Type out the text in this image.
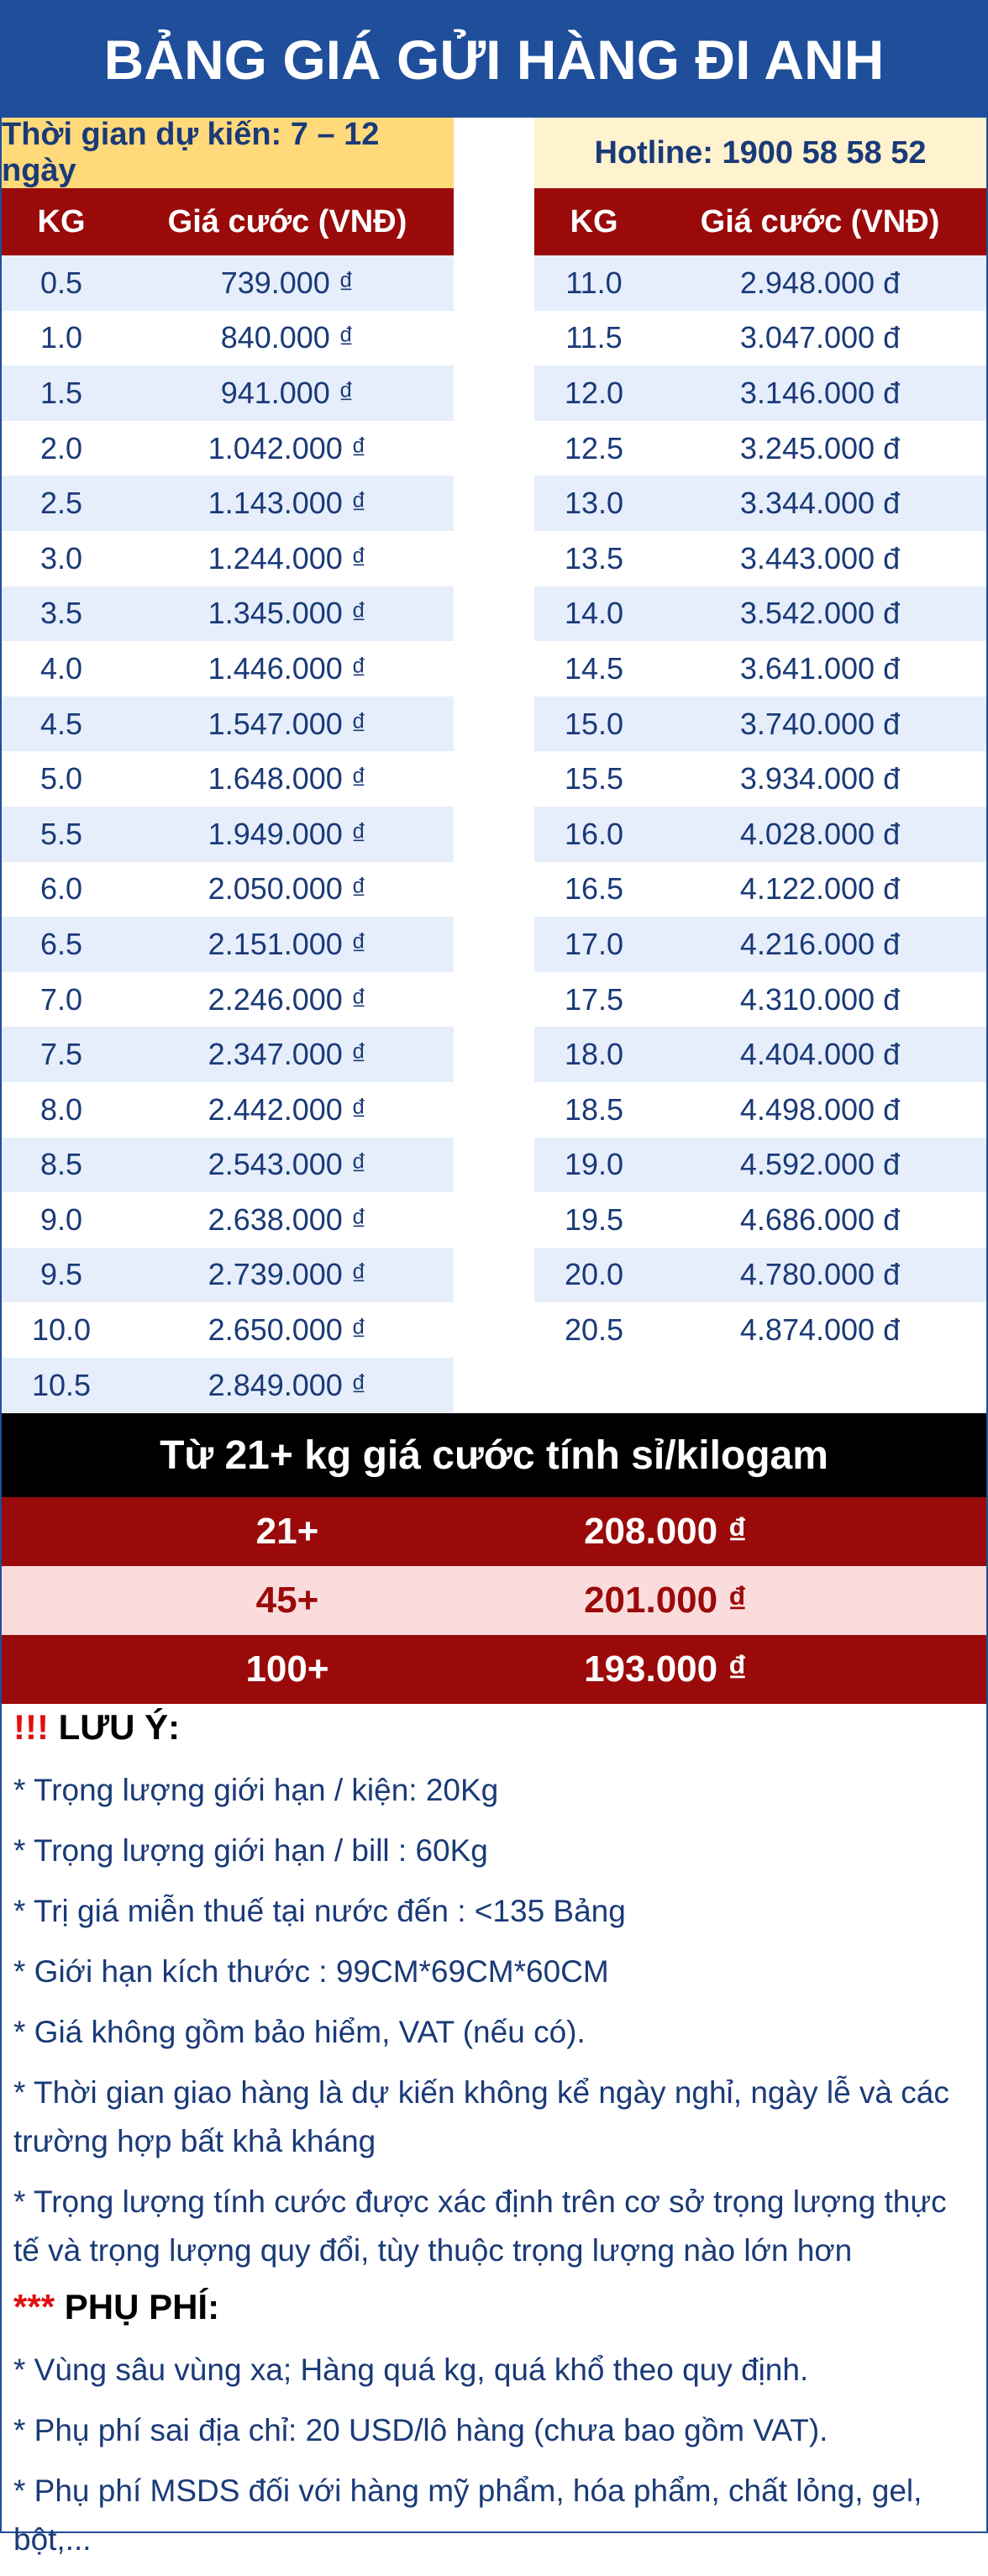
BẢNG GIÁ GỬI HÀNG ĐI ANH
Thời gian dự kiến: 7 – 12 ngày
Hotline: 1900 58 58 52
KG	Giá cước (VNĐ)	KG	Giá cước (VNĐ)
0.5	739.000 ₫
1.0	840.000 ₫
1.5	941.000 ₫
2.0	1.042.000 ₫
2.5	1.143.000 ₫
3.0	1.244.000 ₫
3.5	1.345.000 ₫
4.0	1.446.000 ₫
4.5	1.547.000 ₫
5.0	1.648.000 ₫
5.5	1.949.000 ₫
6.0	2.050.000 ₫
6.5	2.151.000 ₫
7.0	2.246.000 ₫
7.5	2.347.000 ₫
8.0	2.442.000 ₫
8.5	2.543.000 ₫
9.0	2.638.000 ₫
9.5	2.739.000 ₫
10.0	2.650.000 ₫
10.5	2.849.000 ₫
11.0	2.948.000 đ
11.5	3.047.000 đ
12.0	3.146.000 đ
12.5	3.245.000 đ
13.0	3.344.000 đ
13.5	3.443.000 đ
14.0	3.542.000 đ
14.5	3.641.000 đ
15.0	3.740.000 đ
15.5	3.934.000 đ
16.0	4.028.000 đ
16.5	4.122.000 đ
17.0	4.216.000 đ
17.5	4.310.000 đ
18.0	4.404.000 đ
18.5	4.498.000 đ
19.0	4.592.000 đ
19.5	4.686.000 đ
20.0	4.780.000 đ
20.5	4.874.000 đ
Từ 21+ kg giá cước tính sỉ/kilogam
21+	208.000 ₫
45+	201.000 ₫
100+	193.000 ₫
!!! LƯU Ý:
* Trọng lượng giới hạn / kiện: 20Kg
* Trọng lượng giới hạn / bill : 60Kg
* Trị giá miễn thuế tại nước đến : <135 Bảng
* Giới hạn kích thước : 99CM*69CM*60CM
* Giá không gồm bảo hiểm, VAT (nếu có).
* Thời gian giao hàng là dự kiến không kể ngày nghỉ, ngày lễ và các trường hợp bất khả kháng
* Trọng lượng tính cước được xác định trên cơ sở trọng lượng thực tế và trọng lượng quy đổi, tùy thuộc trọng lượng nào lớn hơn
*** PHỤ PHÍ:
* Vùng sâu vùng xa; Hàng quá kg, quá khổ theo quy định.
* Phụ phí sai địa chỉ: 20 USD/lô hàng (chưa bao gồm VAT).
* Phụ phí MSDS đối với hàng mỹ phẩm, hóa phẩm, chất lỏng, gel, bột,...
